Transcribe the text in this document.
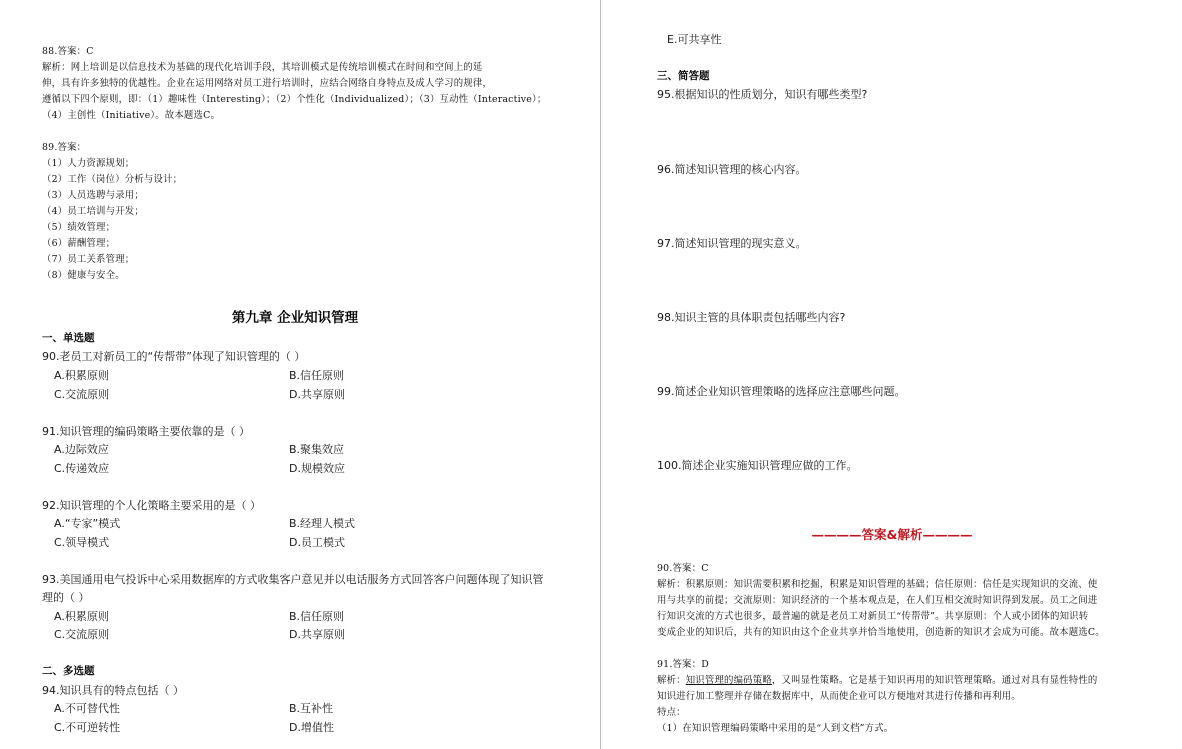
88.答案：C
解析：网上培训是以信息技术为基础的现代化培训手段，其培训模式是传统培训模式在时间和空间上的延
伸，具有许多独特的优越性。企业在运用网络对员工进行培训时，应结合网络自身特点及成人学习的规律，
遵循以下四个原则，即：（1）趣味性（Interesting）；（2）个性化（Individualized）；（3）互动性（Interactive）；
（4）主创性（Initiative）。故本题选C。
89.答案：
（1）人力资源规划；
（2）工作（岗位）分析与设计；
（3）人员选聘与录用；
（4）员工培训与开发；
（5）绩效管理；
（6）薪酬管理；
（7）员工关系管理；
（8）健康与安全。
第九章 企业知识管理
一、单选题
90.老员工对新员工的“传帮带”体现了知识管理的（ ）
A.积累原则	B.信任原则
C.交流原则	D.共享原则
91.知识管理的编码策略主要依靠的是（ ）
A.边际效应	B.聚集效应
C.传递效应	D.规模效应
92.知识管理的个人化策略主要采用的是（ ）
A.“专家”模式	B.经理人模式
C.领导模式	D.员工模式
93.美国通用电气投诉中心采用数据库的方式收集客户意见并以电话服务方式回答客户问题体现了知识管
理的（ ）
A.积累原则	B.信任原则
C.交流原则	D.共享原则
二、多选题
94.知识具有的特点包括（ ）
A.不可替代性	B.互补性
C.不可逆转性	D.增值性
E.可共享性
三、简答题
95.根据知识的性质划分，知识有哪些类型?
96.简述知识管理的核心内容。
97.简述知识管理的现实意义。
98.知识主管的具体职责包括哪些内容?
99.简述企业知识管理策略的选择应注意哪些问题。
100.简述企业实施知识管理应做的工作。
————答案&解析————
90.答案：C
解析：积累原则：知识需要积累和挖掘，积累是知识管理的基础；信任原则：信任是实现知识的交流、使
用与共享的前提；交流原则：知识经济的一个基本观点是，在人们互相交流时知识得到发展。员工之间进
行知识交流的方式也很多，最普遍的就是老员工对新员工“传帮带”。共享原则：个人或小团体的知识转
变成企业的知识后，共有的知识由这个企业共享并恰当地使用，创造新的知识才会成为可能。故本题选C。
91.答案：D
解析：知识管理的编码策略，又叫显性策略。它是基于知识再用的知识管理策略。通过对具有显性特性的
知识进行加工整理并存储在数据库中，从而使企业可以方便地对其进行传播和再利用。
特点：
（1）在知识管理编码策略中采用的是“人到文档”方式。
